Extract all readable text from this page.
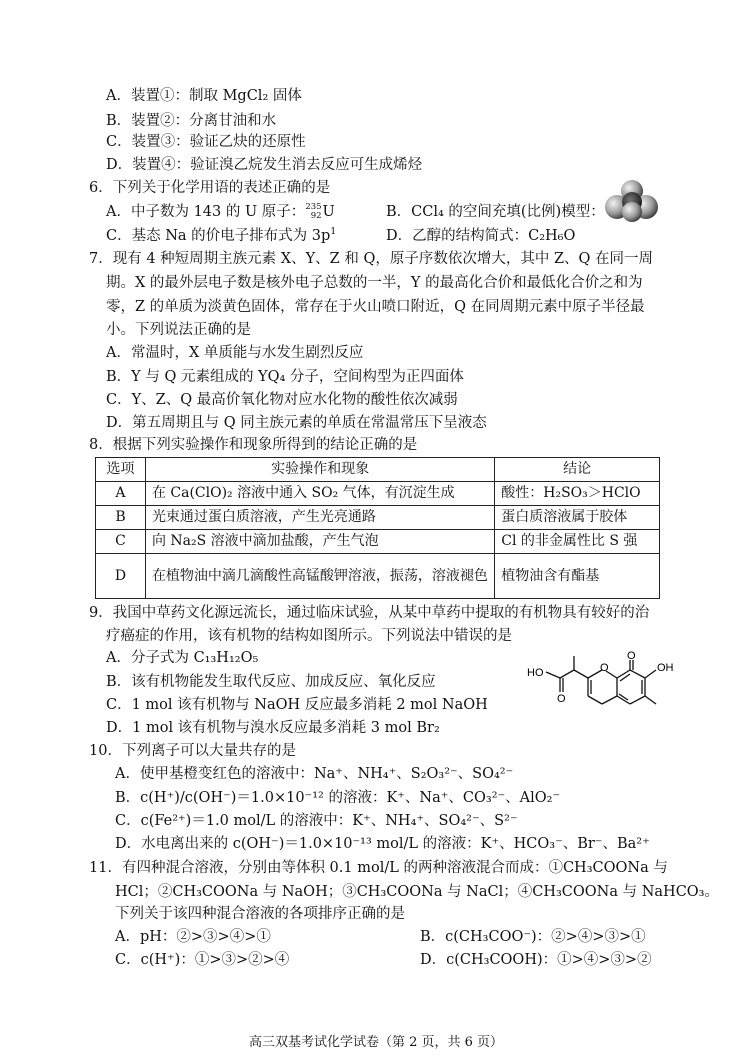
A．装置①：制取 MgCl₂ 固体
B．装置②：分离甘油和水
C．装置③：验证乙炔的还原性
D．装置④：验证溴乙烷发生消去反应可生成烯烃
6．下列关于化学用语的表述正确的是
A．中子数为 143 的 U 原子： 235
92 U	B．CCl₄ 的空间充填(比例)模型：
C．基态 Na 的价电子排布式为 $3p^1$	D．乙醇的结构简式：C₂H₆O
7．现有 4 种短周期主族元素 X、Y、Z 和 Q，原子序数依次增大，其中 Z、Q 在同一周
期。X 的最外层电子数是核外电子总数的一半，Y 的最高化合价和最低化合价之和为
零，Z 的单质为淡黄色固体，常存在于火山喷口附近，Q 在同周期元素中原子半径最
小。下列说法正确的是
A．常温时，X 单质能与水发生剧烈反应
B．Y 与 Q 元素组成的 YQ₄ 分子，空间构型为正四面体
C．Y、Z、Q 最高价氧化物对应水化物的酸性依次减弱
D．第五周期且与 Q 同主族元素的单质在常温常压下呈液态
8．根据下列实验操作和现象所得到的结论正确的是
选项	实验操作和现象	结论
A	在 Ca(ClO)₂ 溶液中通入 SO₂ 气体，有沉淀生成	酸性：H₂SO₃＞HClO
B	光束通过蛋白质溶液，产生光亮通路	蛋白质溶液属于胶体
C	向 Na₂S 溶液中滴加盐酸，产生气泡	Cl 的非金属性比 S 强
D	在植物油中滴几滴酸性高锰酸钾溶液，振荡，溶液褪色	植物油含有酯基
9．我国中草药文化源远流长，通过临床试验，从某中草药中提取的有机物具有较好的治
疗癌症的作用，该有机物的结构如图所示。下列说法中错误的是
A．分子式为 C₁₃H₁₂O₅
B．该有机物能发生取代反应、加成反应、氧化反应
C．1 mol 该有机物与 NaOH 反应最多消耗 2 mol NaOH
D．1 mol 该有机物与溴水反应最多消耗 3 mol Br₂
O
O
OH
O
HO
10．下列离子可以大量共存的是
A．使甲基橙变红色的溶液中：Na⁺、NH₄⁺、S₂O₃²⁻、SO₄²⁻
B．c(H⁺)/c(OH⁻)＝1.0×10⁻¹² 的溶液：K⁺、Na⁺、CO₃²⁻、AlO₂⁻
C．c(Fe²⁺)＝1.0 mol/L 的溶液中：K⁺、NH₄⁺、SO₄²⁻、S²⁻
D．水电离出来的 c(OH⁻)＝1.0×10⁻¹³ mol/L 的溶液：K⁺、HCO₃⁻、Br⁻、Ba²⁺
11．有四种混合溶液，分别由等体积 0.1 mol/L 的两种溶液混合而成：①CH₃COONa 与
HCl；②CH₃COONa 与 NaOH；③CH₃COONa 与 NaCl；④CH₃COONa 与 NaHCO₃。
下列关于该四种混合溶液的各项排序正确的是
A．pH：②>③>④>①	B．c(CH₃COO⁻)：②>④>③>①
C．c(H⁺)：①>③>②>④	D．c(CH₃COOH)：①>④>③>②
高三双基考试化学试卷（第 2 页，共 6 页）
